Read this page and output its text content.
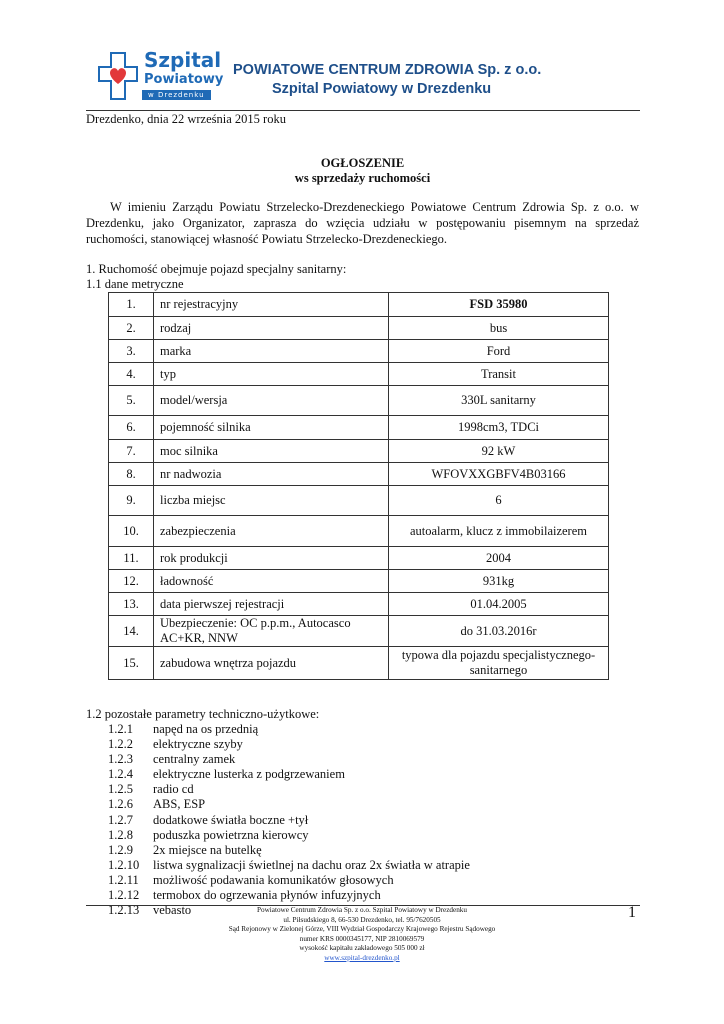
Szpital
Powiatowy
w Drezdenku
POWIATOWE CENTRUM ZDROWIA Sp. z o.o.
Szpital Powiatowy w Drezdenku
Drezdenko, dnia 22 września 2015 roku
OGŁOSZENIE
ws sprzedaży ruchomości
W imieniu Zarządu Powiatu Strzelecko-Drezdeneckiego Powiatowe Centrum Zdrowia Sp. z o.o. w Drezdenku, jako Organizator, zaprasza do wzięcia udziału w postępowaniu pisemnym na sprzedaż ruchomości, stanowiącej własność Powiatu Strzelecko-Drezdeneckiego.
1. Ruchomość obejmuje pojazd specjalny sanitarny:
1.1 dane metryczne
1.	nr rejestracyjny	FSD 35980
2.	rodzaj	bus
3.	marka	Ford
4.	typ	Transit
5.	model/wersja	330L sanitarny
6.	pojemność silnika	1998cm3, TDCi
7.	moc silnika	92 kW
8.	nr nadwozia	WFOVXXGBFV4B03166
9.	liczba miejsc	6
10.	zabezpieczenia	autoalarm, klucz z immobilaizerem
11.	rok produkcji	2004
12.	ładowność	931kg
13.	data pierwszej rejestracji	01.04.2005
14.	Ubezpieczenie: OC p.p.m., Autocasco AC+KR, NNW	do 31.03.2016r
15.	zabudowa wnętrza pojazdu	typowa dla pojazdu specjalistycznego-sanitarnego
1.2 pozostałe parametry techniczno-użytkowe:
1.2.1 napęd na os przednią
1.2.2 elektryczne szyby
1.2.3 centralny zamek
1.2.4 elektryczne lusterka z podgrzewaniem
1.2.5 radio cd
1.2.6 ABS, ESP
1.2.7 dodatkowe światła boczne +tył
1.2.8 poduszka powietrzna kierowcy
1.2.9 2x miejsce na butelkę
1.2.10 listwa sygnalizacji świetlnej na dachu oraz 2x światła w atrapie
1.2.11 możliwość podawania komunikatów głosowych
1.2.12 termobox do ogrzewania płynów infuzyjnych
1.2.13 vebasto	Powiatowe Centrum Zdrowia Sp. z o.o. Szpital Powiatowy w Drezdenku
ul. Piłsudskiego 8, 66-530 Drezdenko, tel. 95/7620505
Sąd Rejonowy w Zielonej Górze, VIII Wydział Gospodarczy Krajowego Rejestru Sądowego
numer KRS 0000345177, NIP 2810069579
wysokość kapitału zakładowego 505 000 zł
www.szpital-drezdenko.pl
1
